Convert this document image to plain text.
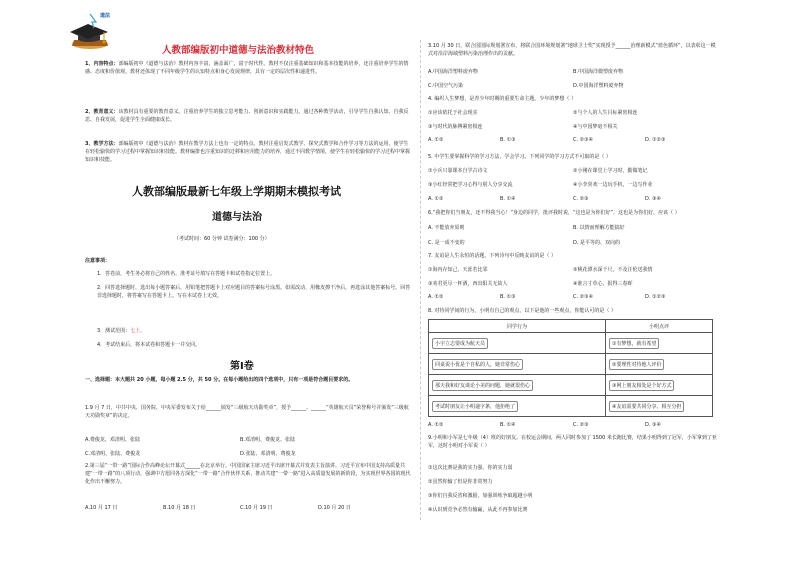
道法
人教部编版初中道德与法治教材特色
1、内容特点：部编版初中《道德与法治》教材内容丰富，涵盖面广，富于时代性。教材不仅注重基础知识和基本技能的培养，还注重培养学生的情感、态度和价值观。教材还体现了不同年级学生的认知特点和身心发展规律，具有一定的层次性和递进性。
2、教育意义：该教材具有重要的教育意义。注重培养学生的独立思考能力、创新意识和实践能力。通过各种教学活动，引导学生自我认知、自我反思、自我发展，促进学生全面健康成长。
3、教学方法：部编版初中《道德与法治》教材在教学方法上也有一定的特点。教材注重启发式教学、探究式教学和合作学习等方法的运用，使学生在轻松愉快的学习过程中掌握知识和技能。教材编排也注重知识的迁移和应用能力的培养，通过不同教学情境，使学生在轻松愉快的学习过程中掌握知识和技能。
人教部编版最新七年级上学期期末模拟考试
道德与法治
（考试时间：60 分钟 试卷满分：100 分）
注意事项：
1．答卷前，考生务必将自己的姓名、准考证号填写在答题卡和试卷指定位置上。
2．回答选择题时，选出每小题答案后，用铅笔把答题卡上对应题目的答案标号涂黑。如需改动，用橡皮擦干净后，再选涂其他答案标号。回答非选择题时，将答案写在答题卡上。写在本试卷上无效。
3．测试范围：七上。
4．考试结束后，将本试卷和答题卡一并交回。
第Ⅰ卷
一、选择题：本大题共 20 小题，每小题 2.5 分，共 50 分。在每小题给出的四个选项中，只有一项是符合题目要求的。
1.9 月 7 日，中共中央、国务院、中央军委发布关于给______颁发“三级航天功勋奖章”，授予______、______“英雄航天员”荣誉称号并颁发“三级航天功勋奖章”的决定。
A.费俊龙、邓清明、张陆	B.邓清明、费俊龙、张陆
C.邓清明、张陆、费俊龙	D.张陆、邓清明、费俊龙
2.第三届“一带一路”国际合作高峰论坛开幕式______在北京举行。中国国家主席习近平出席开幕式并发表主旨演讲。习近平宣布中国支持高质量共建“一带一路”的八项行动，强调中方愿同各方深化“一带一路”合作伙伴关系，推动共建“一带一路”进入高质量发展的新阶段，为实现世界各国的现代化作出不懈努力。
A.10 月 17 日	B.10 月 18 日	C.10 月 19 日	D.10 月 20 日
3.10 月 30 日，联合国国际规划署宣布，将联合国环境规划署“地球卫士奖”实现授予______治理新模式“蓝色循环”，以表彰这一模式对沿岸海域塑料污染治理作出的贡献。
A.中国海洋塑料废弃物	B.中国海洋微塑废弃物
C.中国空气污染	D.中国海洋塑料废弃物
4. 编织人生梦想，是青少年时期的重要生命主题。少年的梦想（ ）
①应该依托于社会现实	②与个人的人生目标紧密相连
③与时代的脉搏紧密相连	④与中国梦毫不相关
A. ①②	B. ①③	C. ②③④	D. ①②③
5. 中学生要掌握科学的学习方法，学会学习。下列同学的学习方式不可取的是（ ）
①小兵只靠课本自学古诗文	②小刚在课堂上学习时，勤做笔记
③小红经常把学习心得与别人分享交流	④小李喜欢一边玩手机，一边写作业
A. ①②	B. ①④	C. ②③	D. ③④
6.“我把你们当朋友，还不得我当心！”身边的同学，批评我时说，“这也是为你们好”，这也是为你们好，应该（ ）
A. 不能放弃原则	B. 以情而理解方能搞好
C. 是一成不变的	D. 是平等的、双向的
7. 友谊是人生永恒的话题。下列诗句中反映友谊的是（ ）
①海内存知己，天涯若比邻	②桃花潭水深千尺，不及汪伦送我情
③劝君更尽一杯酒，西出阳关无故人	④谁言寸草心，报得三春晖
A. ①②	B. ①③	C. ②③④	D. ①②③
8. 对待同学间的行为，小明有自己的观点，以下是他的一些观点，你能认可的是（ ）
同学行为	小明点评
小宇立志要成为航天员	①有梦想，就有希望
同桌说小优是个自私的人，她非常伤心	②要理性对待他人评价
那天我和好友谈论小美的问题，她就很伤心	③网上朋友相处是个好方式
考试时朋友让小明递字条，他拒绝了	④友谊需要共同分享、相互分担
A. ①②	B. ①④	C. ②③	D. ③④
9.小明和小军是七年级（4）班的好朋友。在校运会期间，两人同时参加了 1500 米长跑比赛，结果小明得到了冠军，小军拿到了亚军，这时小明对小军说（ ）
①这次比赛是我的实力强，你的实力弱
②虽然你输了但是你非常努力
③你们自我反省和激励，加强训练争取超越小明
④认识到竞争必然有输赢，从此不再参加比赛
